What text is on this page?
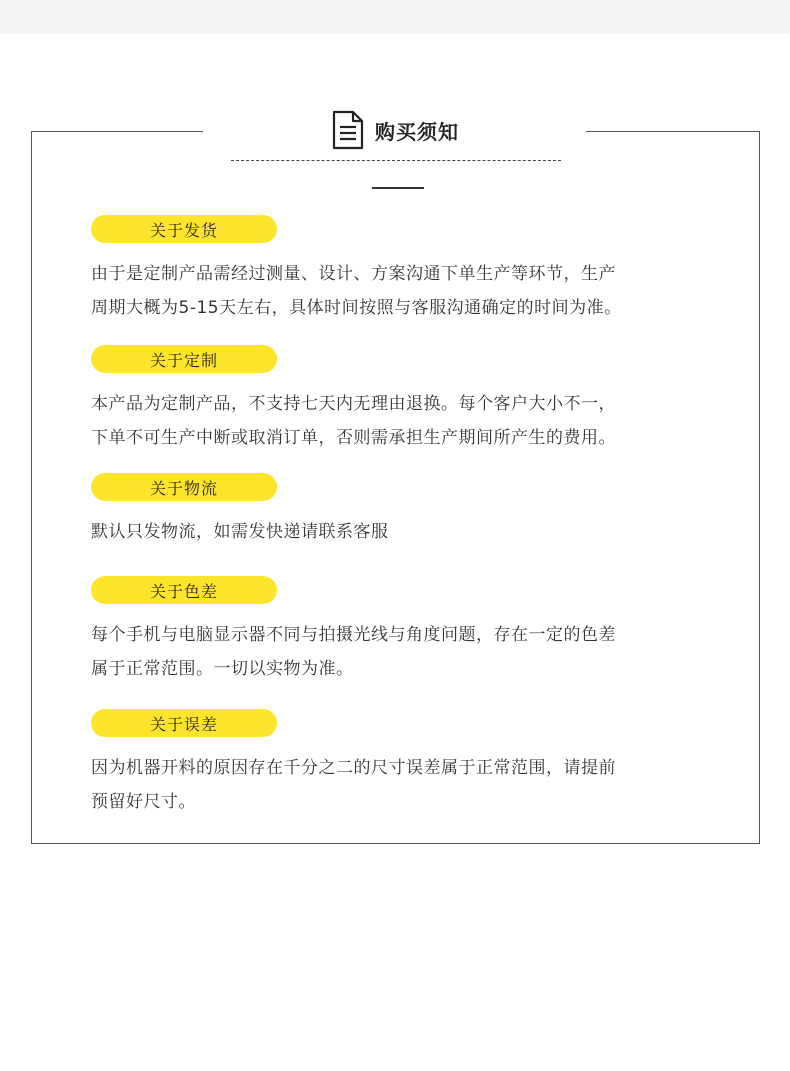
购买须知
关于发货
由于是定制产品需经过测量、设计、方案沟通下单生产等环节，生产
周期大概为5-15天左右，具体时间按照与客服沟通确定的时间为准。
关于定制
本产品为定制产品，不支持七天内无理由退换。每个客户大小不一，
下单不可生产中断或取消订单，否则需承担生产期间所产生的费用。
关于物流
默认只发物流，如需发快递请联系客服
关于色差
每个手机与电脑显示器不同与拍摄光线与角度问题，存在一定的色差
属于正常范围。一切以实物为准。
关于误差
因为机器开料的原因存在千分之二的尺寸误差属于正常范围，请提前
预留好尺寸。
